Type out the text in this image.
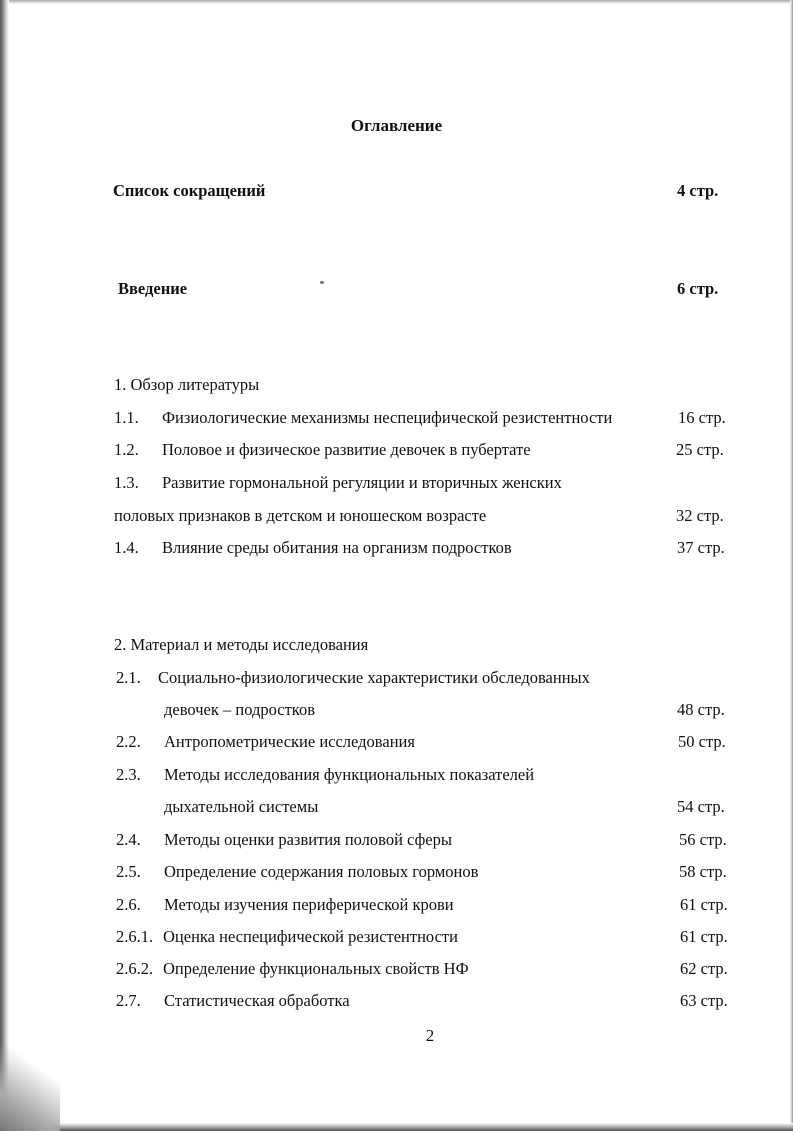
Оглавление
Список сокращений	4 стр.
Введение	6 стр.
1. Обзор литературы
1.1. Физиологические механизмы неспецифической резистентности	16 стр.
1.2. Половое и физическое развитие девочек в пубертате	25 стр.
1.3. Развитие гормональной регуляции и вторичных женских
половых признаков в детском и юношеском возрасте	32 стр.
1.4. Влияние среды обитания на организм подростков	37 стр.
2. Материал и методы исследования
2.1. Социально-физиологические характеристики обследованных
девочек – подростков	48 стр.
2.2. Антропометрические исследования	50 стр.
2.3. Методы исследования функциональных показателей
дыхательной системы	54 стр.
2.4. Методы оценки развития половой сферы	56 стр.
2.5. Определение содержания половых гормонов	58 стр.
2.6. Методы изучения периферической крови	61 стр.
2.6.1. Оценка неспецифической резистентности	61 стр.
2.6.2. Определение функциональных свойств НФ	62 стр.
2.7. Статистическая обработка	63 стр.
2
